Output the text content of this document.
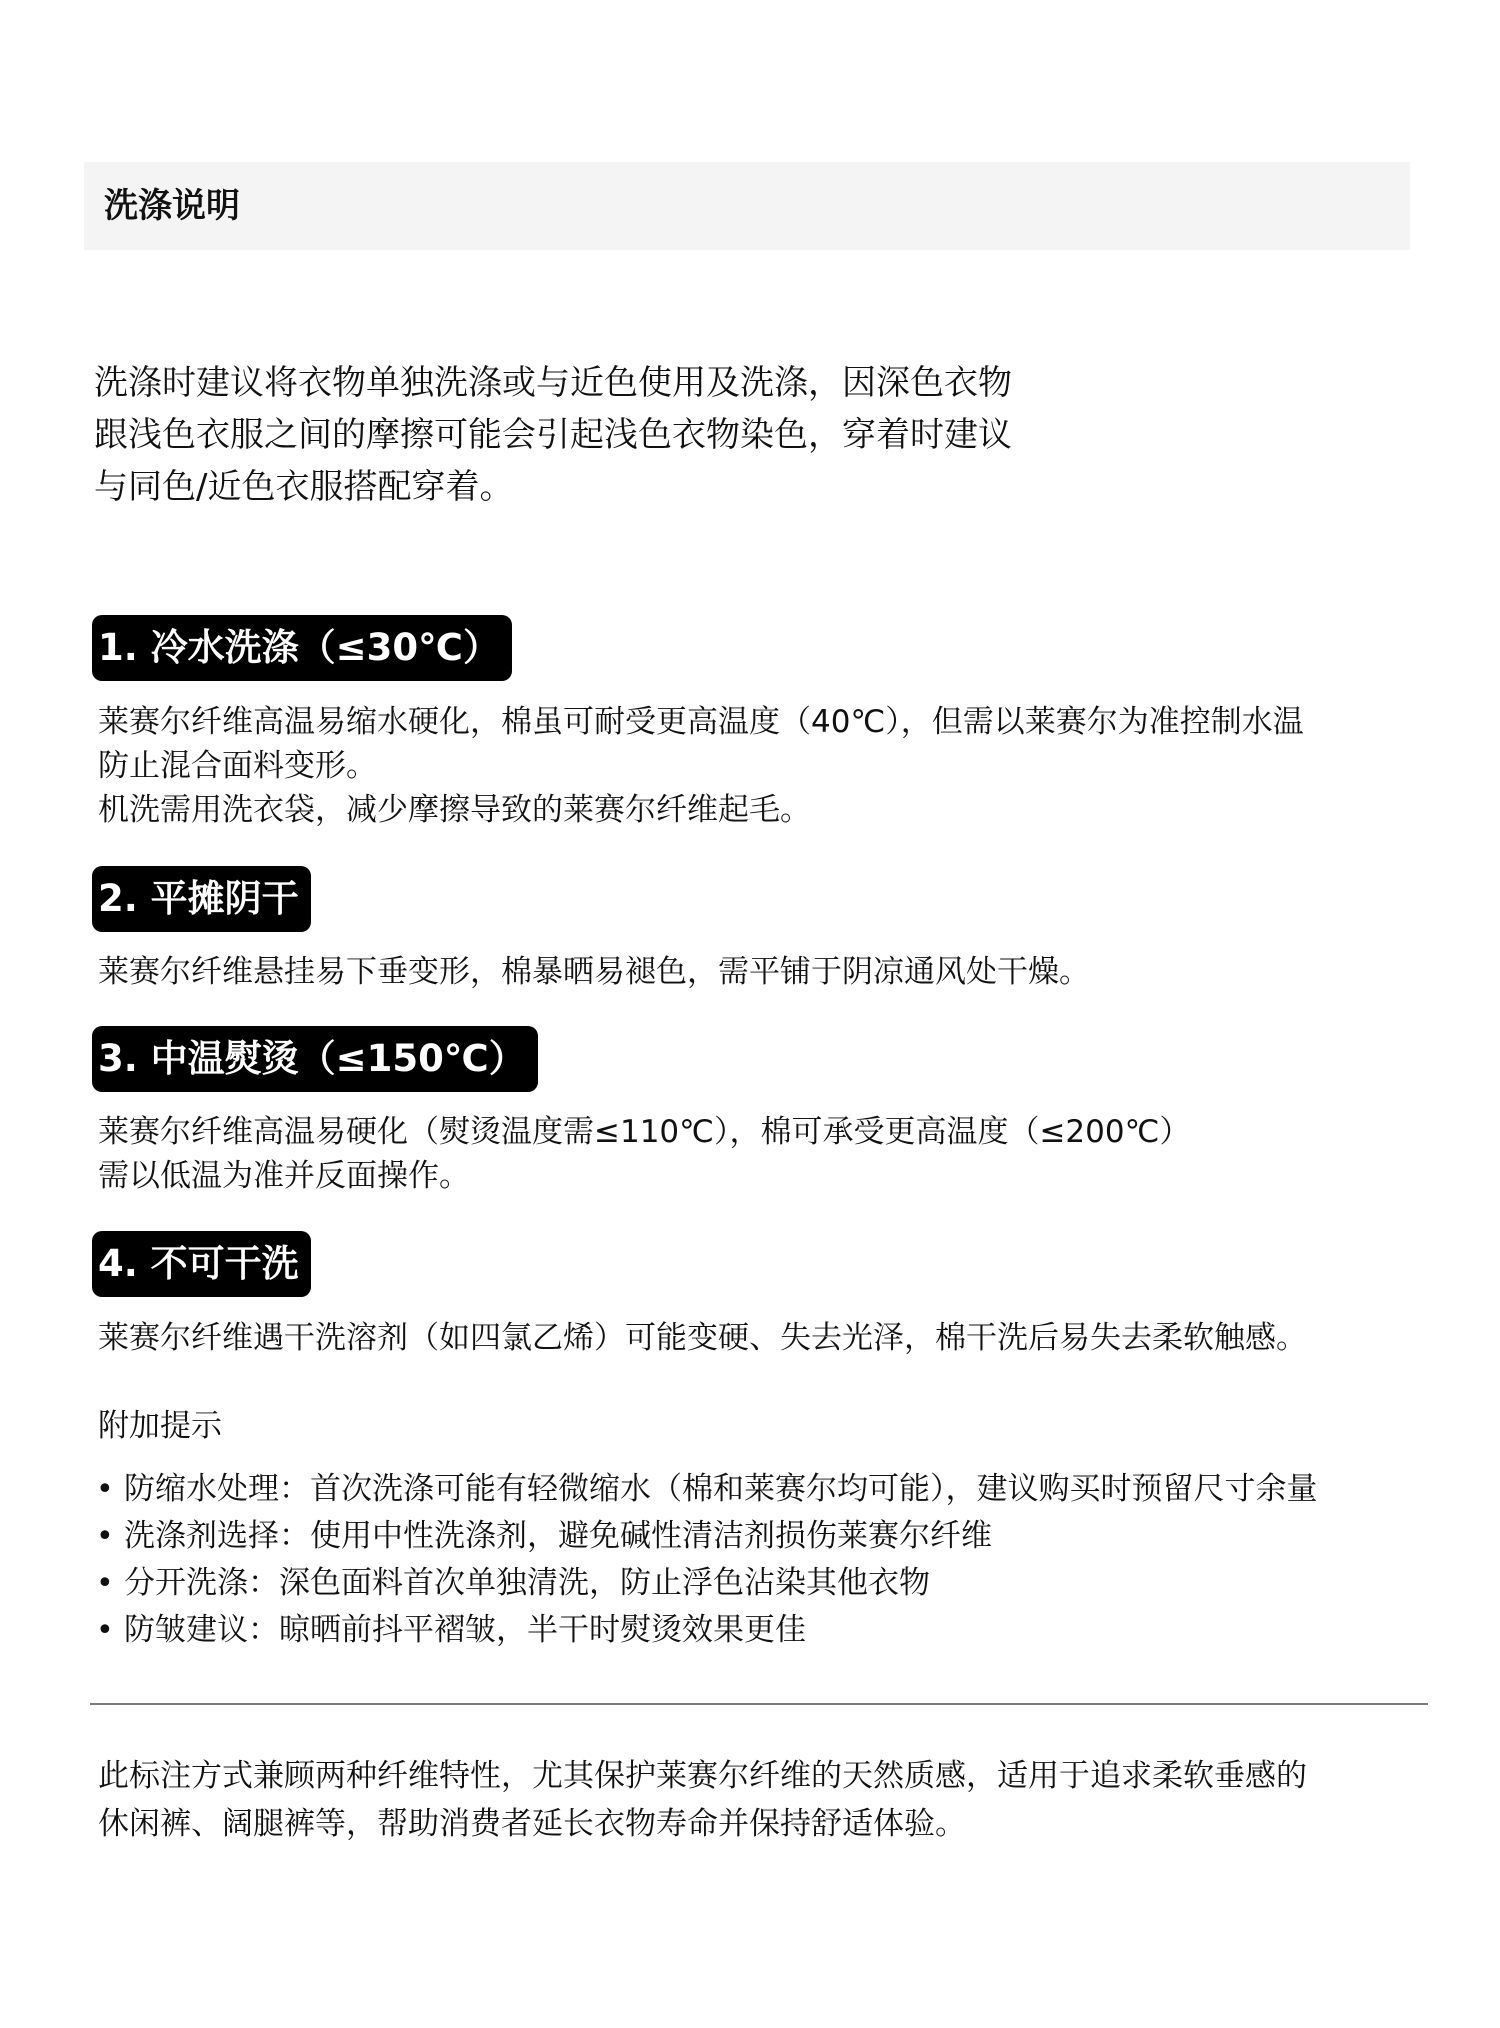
洗涤说明
洗涤时建议将衣物单独洗涤或与近色使用及洗涤，因深色衣物
跟浅色衣服之间的摩擦可能会引起浅色衣物染色，穿着时建议
与同色/近色衣服搭配穿着。
1. 冷水洗涤（≤30℃）
莱赛尔纤维高温易缩水硬化，棉虽可耐受更高温度（40℃），但需以莱赛尔为准控制水温
防止混合面料变形。
机洗需用洗衣袋，减少摩擦导致的莱赛尔纤维起毛。
2. 平摊阴干
莱赛尔纤维悬挂易下垂变形，棉暴晒易褪色，需平铺于阴凉通风处干燥。
3. 中温熨烫（≤150℃）
莱赛尔纤维高温易硬化（熨烫温度需≤110℃），棉可承受更高温度（≤200℃）
需以低温为准并反面操作。
4. 不可干洗
莱赛尔纤维遇干洗溶剂（如四氯乙烯）可能变硬、失去光泽，棉干洗后易失去柔软触感。
附加提示
• 防缩水处理：首次洗涤可能有轻微缩水（棉和莱赛尔均可能），建议购买时预留尺寸余量
• 洗涤剂选择：使用中性洗涤剂，避免碱性清洁剂损伤莱赛尔纤维
• 分开洗涤：深色面料首次单独清洗，防止浮色沾染其他衣物
• 防皱建议：晾晒前抖平褶皱，半干时熨烫效果更佳
此标注方式兼顾两种纤维特性，尤其保护莱赛尔纤维的天然质感，适用于追求柔软垂感的
休闲裤、阔腿裤等，帮助消费者延长衣物寿命并保持舒适体验。
